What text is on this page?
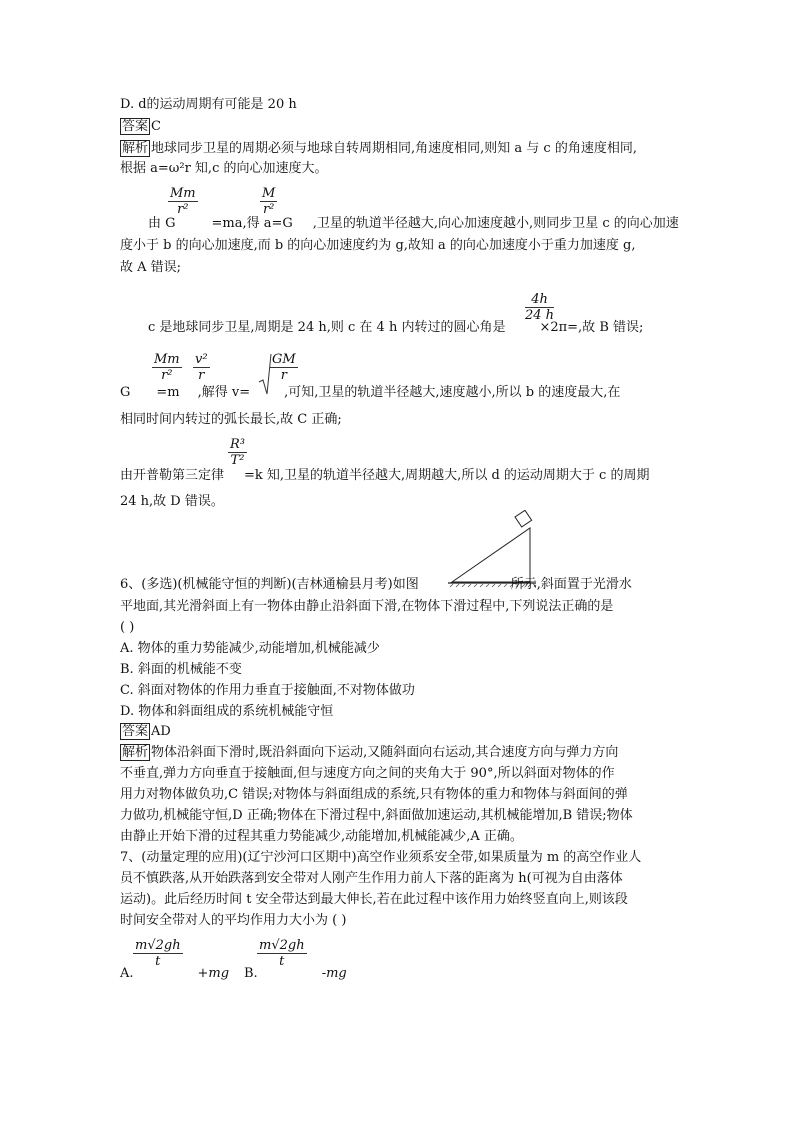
D. d的运动周期有可能是 20 h
答案 C
解析 地球同步卫星的周期必须与地球自转周期相同,角速度相同,则知 a 与 c 的角速度相同,
根据 a=ω²r 知,c 的向心加速度大。
$\frac{Mm}{\text{r²}}$	$\frac{M}{\text{r²}}$
由 G	=ma,得 a=G ,卫星的轨道半径越大,向心加速度越小,则同步卫星 c 的向心加速
度小于 b 的向心加速度,而 b 的向心加速度约为 g,故知 a 的向心加速度小于重力加速度 g,
故 A 错误;
$\frac{4h}{24 h}$
c 是地球同步卫星,周期是 24 h,则 c 在 4 h 内转过的圆心角是	×2π=,故 B 错误;
$\frac{Mm}{\text{r²}} \frac{\text{v²}}{r}$	$\frac{GM}{r}$
G =m ,解得 v=	,可知,卫星的轨道半径越大,速度越小,所以 b 的速度最大,在
相同时间内转过的弧长最长,故 C 正确;
$\frac{\text{R³}}{\text{T²}}$
由开普勒第三定律 =k 知,卫星的轨道半径越大,周期越大,所以 d 的运动周期大于 c 的周期
24 h,故 D 错误。
6、(多选)(机械能守恒的判断)(吉林通榆县月考)如图	所示,斜面置于光滑水
平地面,其光滑斜面上有一物体由静止沿斜面下滑,在物体下滑过程中,下列说法正确的是
( )
A. 物体的重力势能减少,动能增加,机械能减少
B. 斜面的机械能不变
C. 斜面对物体的作用力垂直于接触面,不对物体做功
D. 物体和斜面组成的系统机械能守恒
答案 AD
解析 物体沿斜面下滑时,既沿斜面向下运动,又随斜面向右运动,其合速度方向与弹力方向
不垂直,弹力方向垂直于接触面,但与速度方向之间的夹角大于 90°,所以斜面对物体的作
用力对物体做负功,C 错误;对物体与斜面组成的系统,只有物体的重力和物体与斜面间的弹
力做功,机械能守恒,D 正确;物体在下滑过程中,斜面做加速运动,其机械能增加,B 错误;物体
由静止开始下滑的过程其重力势能减少,动能增加,机械能减少,A 正确。
7、(动量定理的应用)(辽宁沙河口区期中)高空作业须系安全带,如果质量为 m 的高空作业人
员不慎跌落,从开始跌落到安全带对人刚产生作用力前人下落的距离为 h(可视为自由落体
运动)。此后经历时间 t 安全带达到最大伸长,若在此过程中该作用力始终竖直向上,则该段
时间安全带对人的平均作用力大小为 ( )
$\frac{m√2gh}{t}$
A.	+mg
$\frac{m√2gh}{t}$
B.	-mg
